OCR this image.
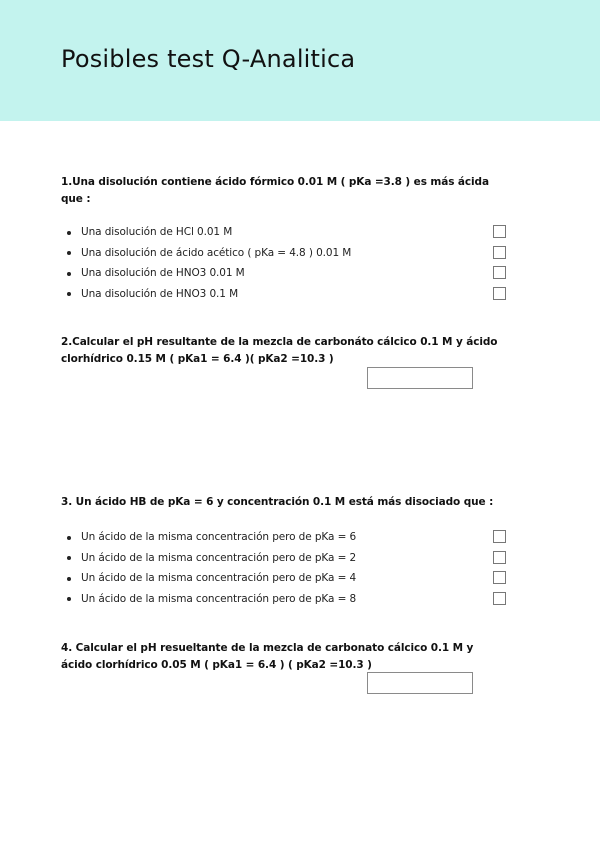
Posibles test Q-Analitica
1.Una disolución contiene ácido fórmico 0.01 M ( pKa =3.8 ) es más ácida que :
Una disolución de HCl 0.01 M
Una disolución de ácido acético ( pKa = 4.8 ) 0.01 M
Una disolución de HNO3 0.01 M
Una disolución de HNO3 0.1 M
2.Calcular el pH resultante de la mezcla de carbonáto cálcico 0.1 M y ácido clorhídrico 0.15 M ( pKa1 = 6.4 )( pKa2 =10.3 )
3. Un ácido HB de pKa = 6 y concentración 0.1 M está más disociado que :
Un ácido de la misma concentración pero de pKa = 6
Un ácido de la misma concentración pero de pKa = 2
Un ácido de la misma concentración pero de pKa = 4
Un ácido de la misma concentración pero de pKa = 8
4. Calcular el pH resueltante de la mezcla de carbonato cálcico 0.1 M y ácido clorhídrico 0.05 M ( pKa1 = 6.4 ) ( pKa2 =10.3 )
